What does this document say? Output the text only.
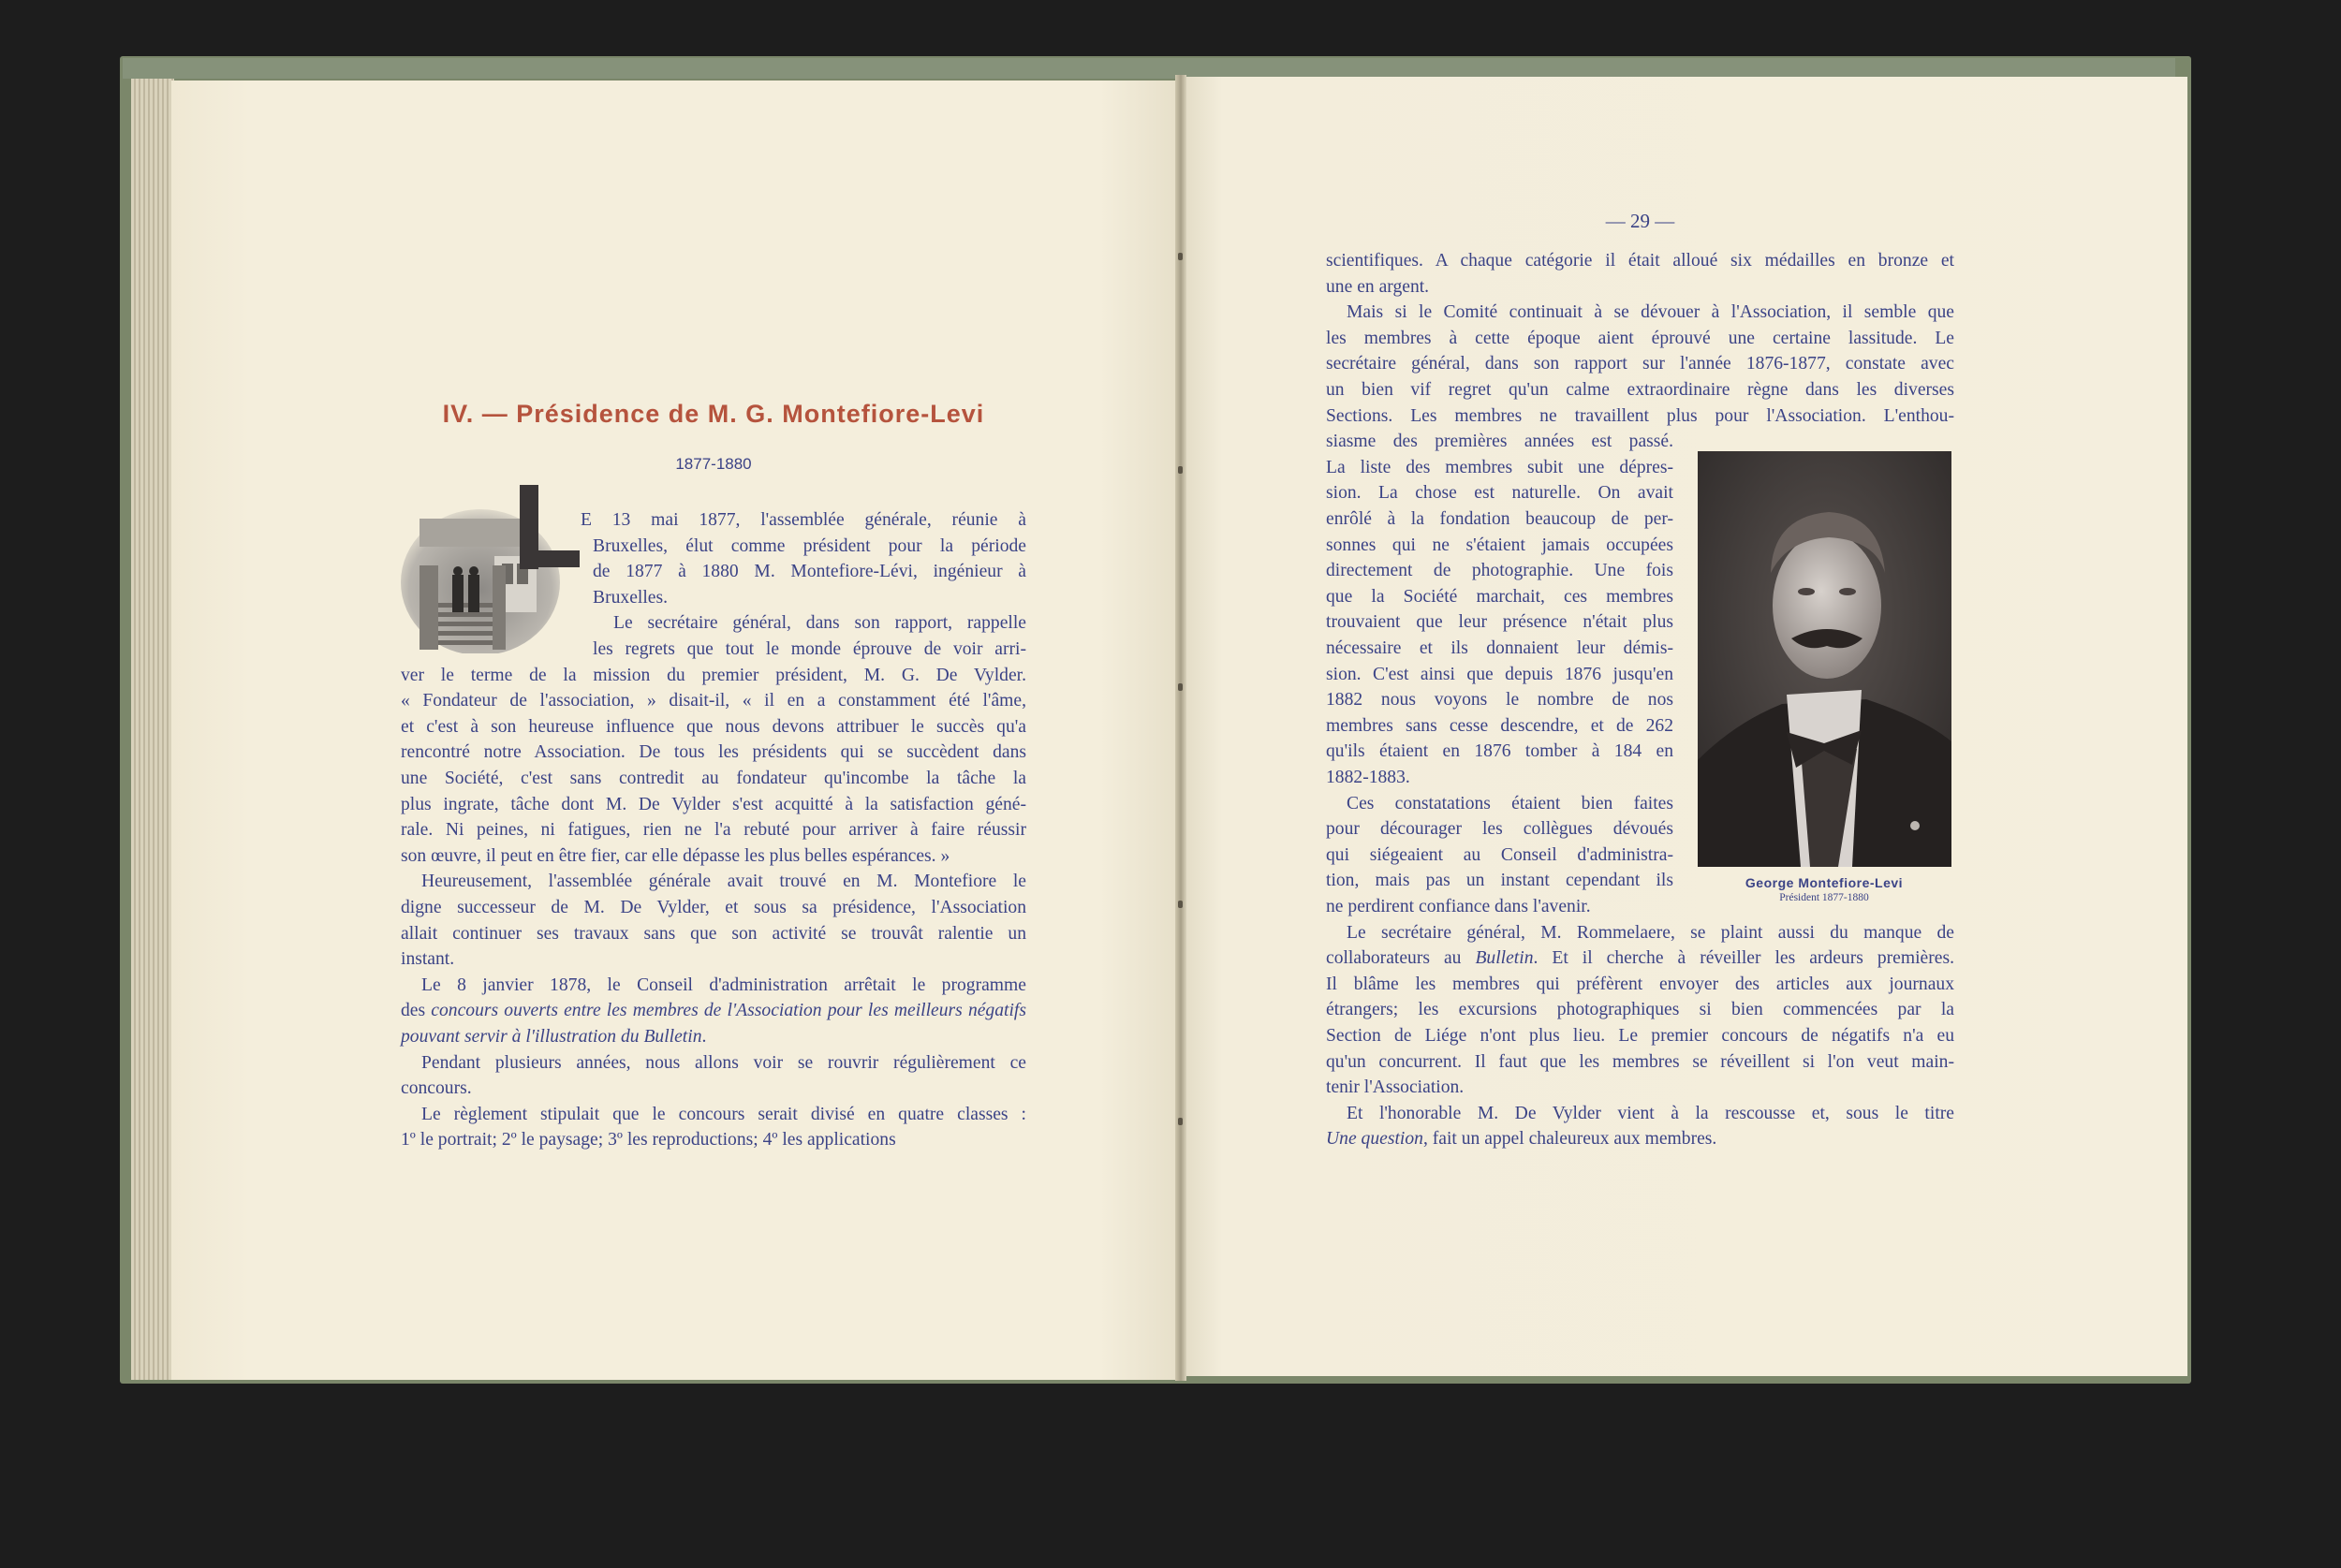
IV. — Présidence de M. G. Montefiore-Levi
1877-1880
E 13 mai 1877, l'assemblée générale, réunie à
Bruxelles, élut comme président pour la période
de 1877 à 1880 M. Montefiore-Lévi, ingénieur à
Bruxelles.
Le secrétaire général, dans son rapport, rappelle
les regrets que tout le monde éprouve de voir arri-
ver le terme de la mission du premier président, M. G. De Vylder.
« Fondateur de l'association, » disait-il, « il en a constamment été l'âme,
et c'est à son heureuse influence que nous devons attribuer le succès qu'a
rencontré notre Association. De tous les présidents qui se succèdent dans
une Société, c'est sans contredit au fondateur qu'incombe la tâche la
plus ingrate, tâche dont M. De Vylder s'est acquitté à la satisfaction géné-
rale. Ni peines, ni fatigues, rien ne l'a rebuté pour arriver à faire réussir
son œuvre, il peut en être fier, car elle dépasse les plus belles espérances. »
Heureusement, l'assemblée générale avait trouvé en M. Montefiore le
digne successeur de M. De Vylder, et sous sa présidence, l'Association
allait continuer ses travaux sans que son activité se trouvât ralentie un
instant.
Le 8 janvier 1878, le Conseil d'administration arrêtait le programme
des concours ouverts entre les membres de l'Association pour les meilleurs négatifs
pouvant servir à l'illustration du Bulletin.
Pendant plusieurs années, nous allons voir se rouvrir régulièrement ce
concours.
Le règlement stipulait que le concours serait divisé en quatre classes :
1º le portrait; 2º le paysage; 3º les reproductions; 4º les applications
— 29 —
scientifiques. A chaque catégorie il était alloué six médailles en bronze et
une en argent.
Mais si le Comité continuait à se dévouer à l'Association, il semble que
les membres à cette époque aient éprouvé une certaine lassitude. Le
secrétaire général, dans son rapport sur l'année 1876-1877, constate avec
un bien vif regret qu'un calme extraordinaire règne dans les diverses
Sections. Les membres ne travaillent plus pour l'Association. L'enthou-
siasme des premières années est passé.
La liste des membres subit une dépres-
sion. La chose est naturelle. On avait
enrôlé à la fondation beaucoup de per-
sonnes qui ne s'étaient jamais occupées
directement de photographie. Une fois
que la Société marchait, ces membres
trouvaient que leur présence n'était plus
nécessaire et ils donnaient leur démis-
sion. C'est ainsi que depuis 1876 jusqu'en
1882 nous voyons le nombre de nos
membres sans cesse descendre, et de 262
qu'ils étaient en 1876 tomber à 184 en
1882-1883.
Ces constatations étaient bien faites
pour décourager les collègues dévoués
qui siégeaient au Conseil d'administra-
tion, mais pas un instant cependant ils
ne perdirent confiance dans l'avenir.
Le secrétaire général, M. Rommelaere, se plaint aussi du manque de
collaborateurs au Bulletin. Et il cherche à réveiller les ardeurs premières.
Il blâme les membres qui préfèrent envoyer des articles aux journaux
étrangers; les excursions photographiques si bien commencées par la
Section de Liége n'ont plus lieu. Le premier concours de négatifs n'a eu
qu'un concurrent. Il faut que les membres se réveillent si l'on veut main-
tenir l'Association.
Et l'honorable M. De Vylder vient à la rescousse et, sous le titre
Une question, fait un appel chaleureux aux membres.
George Montefiore-Levi
Président 1877-1880
